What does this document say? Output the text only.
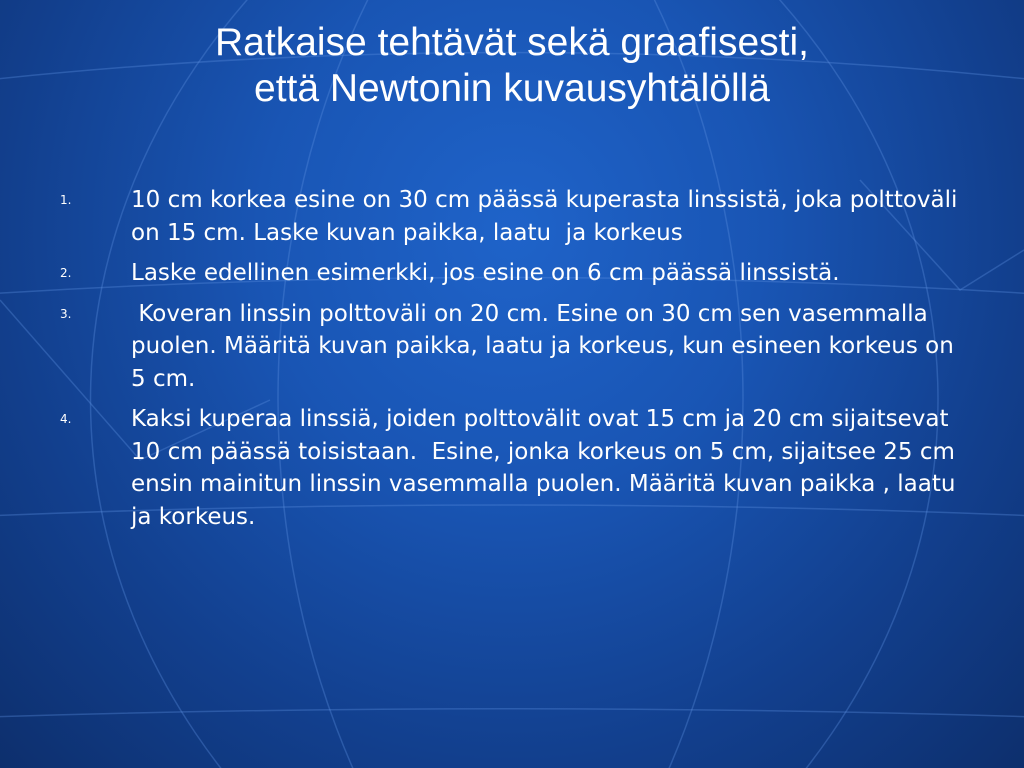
Ratkaise tehtävät sekä graafisesti,
että Newtonin kuvausyhtälöllä
1.	10 cm korkea esine on 30 cm päässä kuperasta linssistä, joka polttoväli on 15 cm. Laske kuvan paikka, laatu  ja korkeus
2.	Laske edellinen esimerkki, jos esine on 6 cm päässä linssistä.
3.	Koveran linssin polttoväli on 20 cm. Esine on 30 cm sen vasemmalla puolen. Määritä kuvan paikka, laatu ja korkeus, kun esineen korkeus on 5 cm.
4.	Kaksi kuperaa linssiä, joiden polttovälit ovat 15 cm ja 20 cm sijaitsevat 10 cm päässä toisistaan.  Esine, jonka korkeus on 5 cm, sijaitsee 25 cm ensin mainitun linssin vasemmalla puolen. Määritä kuvan paikka , laatu ja korkeus.
